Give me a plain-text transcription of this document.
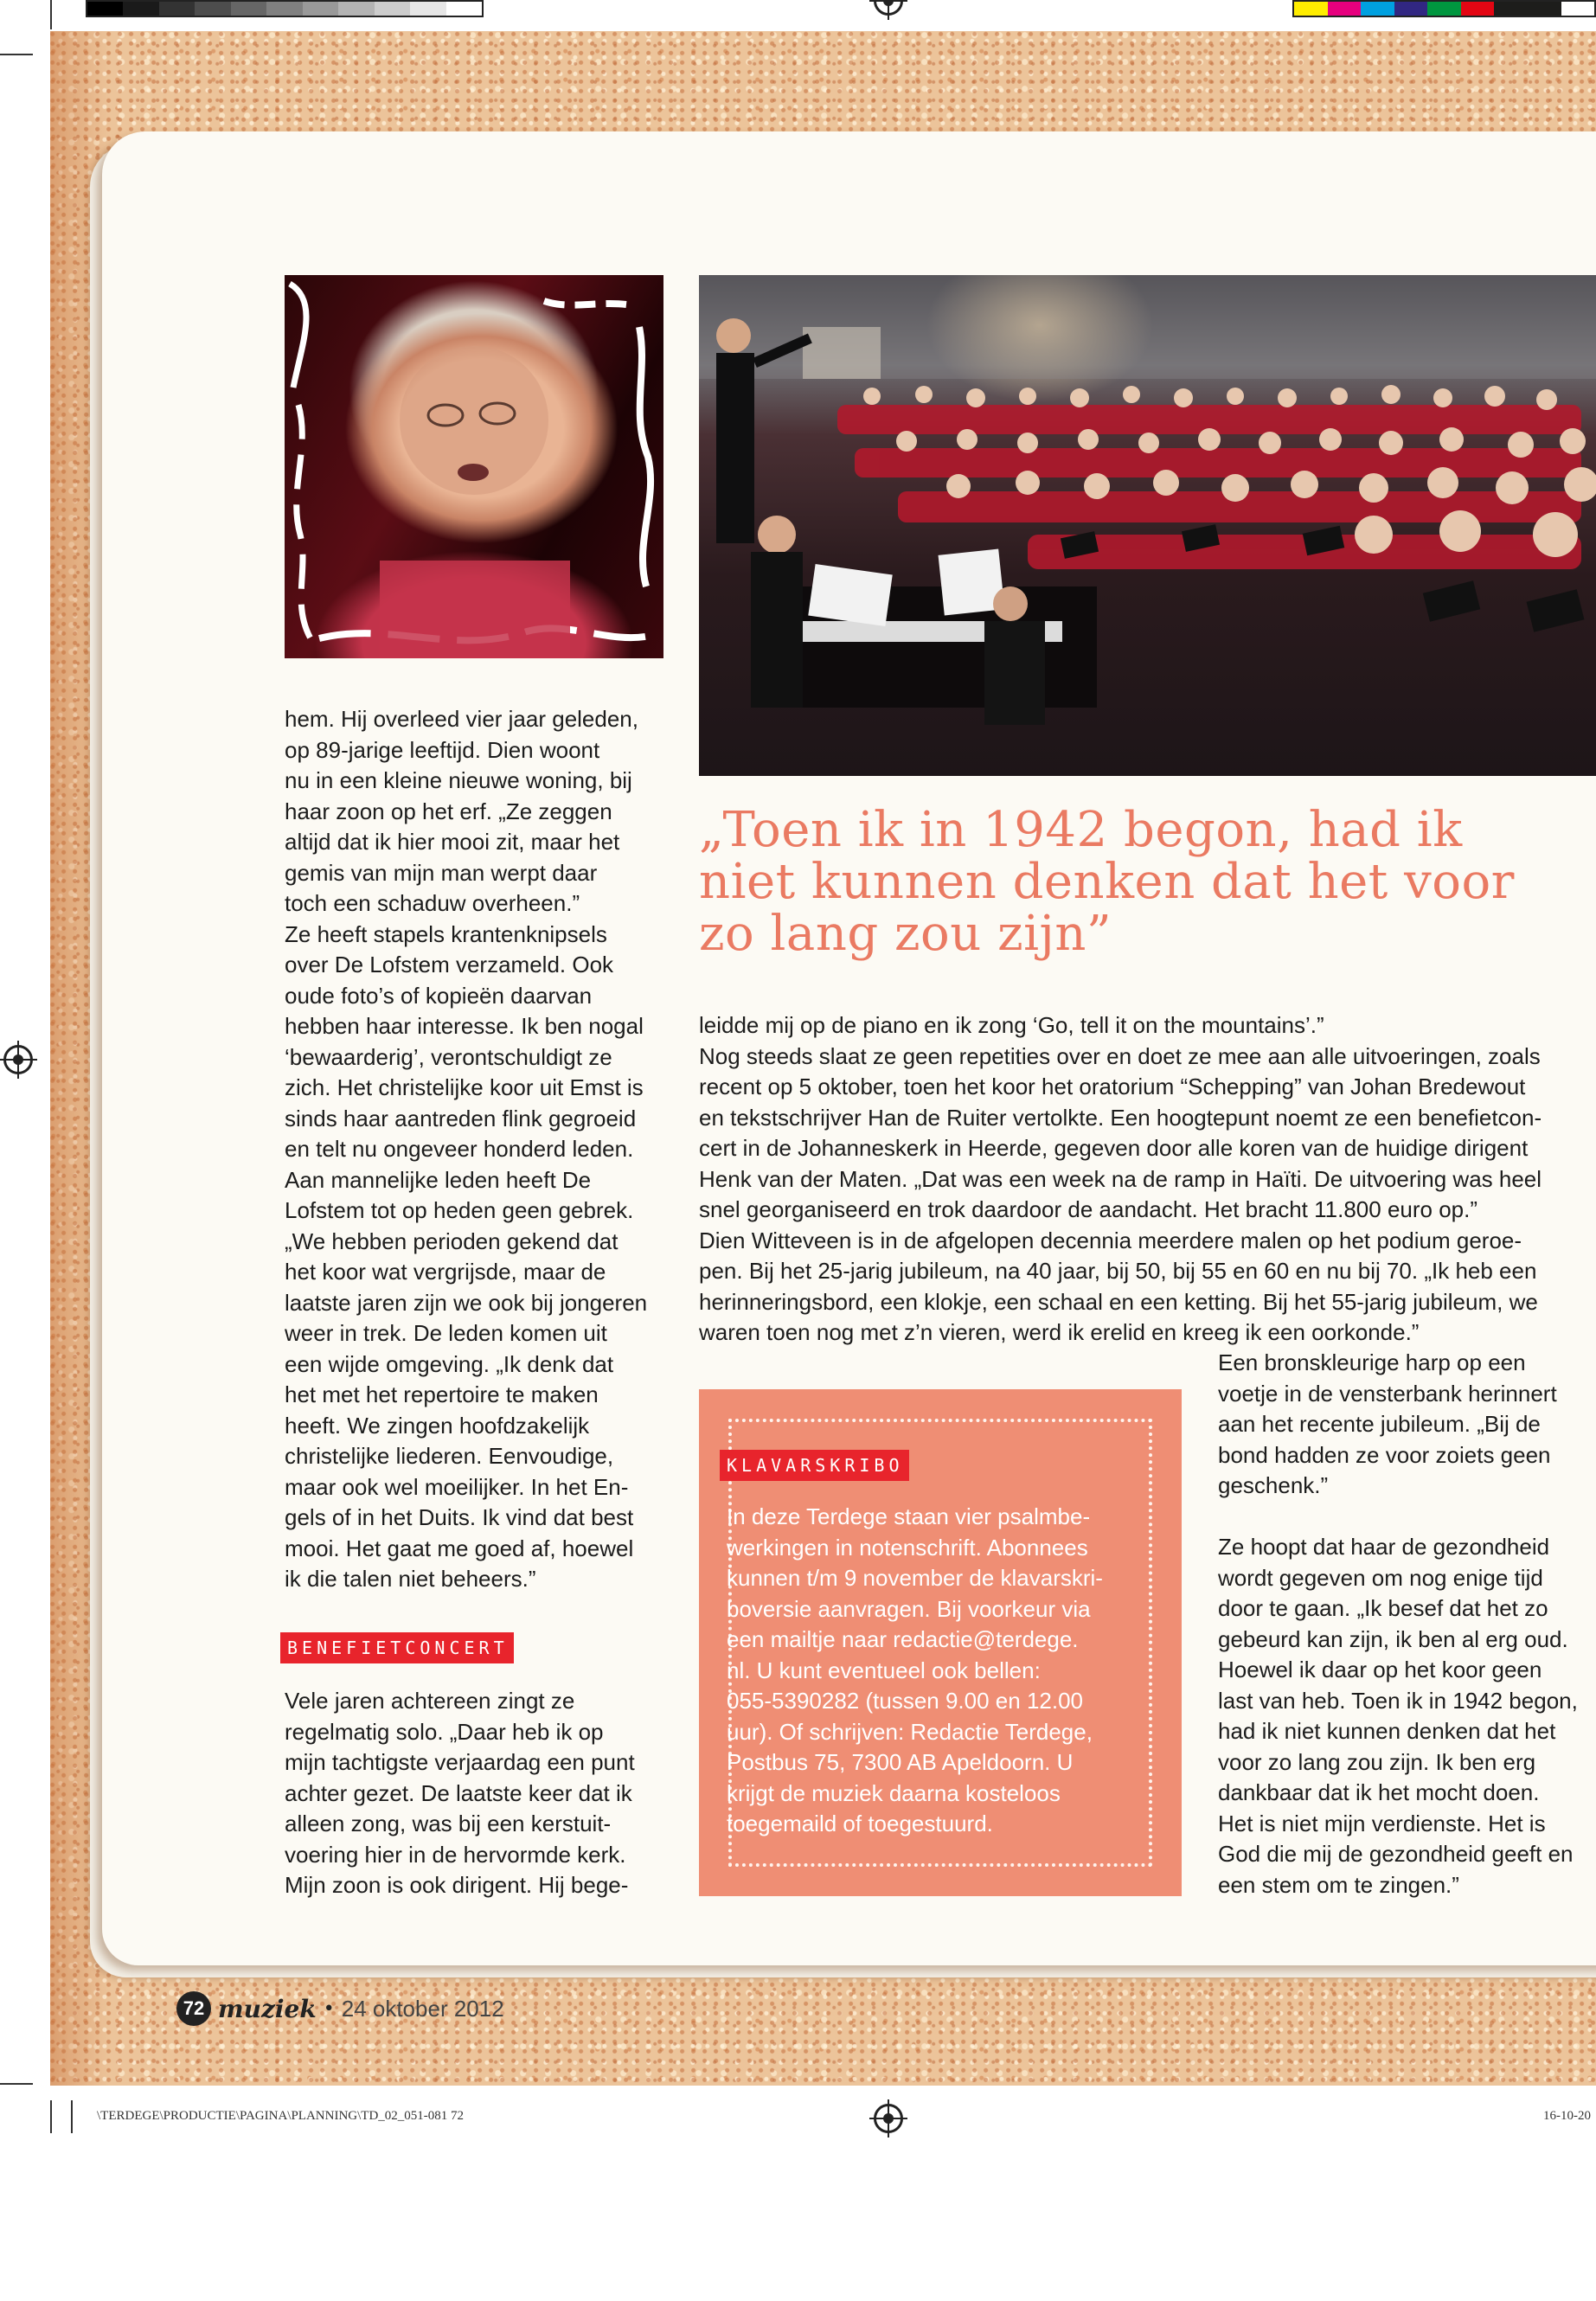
hem. Hij overleed vier jaar geleden,
op 89-jarige leeftijd. Dien woont
nu in een kleine nieuwe woning, bij
haar zoon op het erf. „Ze zeggen
altijd dat ik hier mooi zit, maar het
gemis van mijn man werpt daar
toch een schaduw overheen.”
Ze heeft stapels krantenknipsels
over De Lofstem verzameld. Ook
oude foto’s of kopieën daarvan
hebben haar interesse. Ik ben nogal
‘bewaarderig’, verontschuldigt ze
zich. Het christelijke koor uit Emst is
sinds haar aantreden flink gegroeid
en telt nu ongeveer honderd leden.
Aan mannelijke leden heeft De
Lofstem tot op heden geen gebrek.
„We hebben perioden gekend dat
het koor wat vergrijsde, maar de
laatste jaren zijn we ook bij jongeren
weer in trek. De leden komen uit
een wijde omgeving. „Ik denk dat
het met het repertoire te maken
heeft. We zingen hoofdzakelijk
christelijke liederen. Eenvoudige,
maar ook wel moeilijker. In het En-
gels of in het Duits. Ik vind dat best
mooi. Het gaat me goed af, hoewel
ik die talen niet beheers.”
BENEFIETCONCERT
Vele jaren achtereen zingt ze
regelmatig solo. „Daar heb ik op
mijn tachtigste verjaardag een punt
achter gezet. De laatste keer dat ik
alleen zong, was bij een kerstuit-
voering hier in de hervormde kerk.
Mijn zoon is ook dirigent. Hij bege-
„Toen ik in 1942 begon, had ik
niet kunnen denken dat het voor
zo lang zou zijn”
leidde mij op de piano en ik zong ‘Go, tell it on the mountains’.”
Nog steeds slaat ze geen repetities over en doet ze mee aan alle uitvoeringen, zoals
recent op 5 oktober, toen het koor het oratorium “Schepping” van Johan Bredewout
en tekstschrijver Han de Ruiter vertolkte. Een hoogtepunt noemt ze een benefietcon-
cert in de Johanneskerk in Heerde, gegeven door alle koren van de huidige dirigent
Henk van der Maten. „Dat was een week na de ramp in Haïti. De uitvoering was heel
snel georganiseerd en trok daardoor de aandacht. Het bracht 11.800 euro op.”
Dien Witteveen is in de afgelopen decennia meerdere malen op het podium geroe-
pen. Bij het 25-jarig jubileum, na 40 jaar, bij 50, bij 55 en 60 en nu bij 70. „Ik heb een
herinneringsbord, een klokje, een schaal en een ketting. Bij het 55-jarig jubileum, we
waren toen nog met z’n vieren, werd ik erelid en kreeg ik een oorkonde.”
Een bronskleurige harp op een
voetje in de vensterbank herinnert
aan het recente jubileum. „Bij de
bond hadden ze voor zoiets geen
geschenk.”

Ze hoopt dat haar de gezondheid
wordt gegeven om nog enige tijd
door te gaan. „Ik besef dat het zo
gebeurd kan zijn, ik ben al erg oud.
Hoewel ik daar op het koor geen
last van heb. Toen ik in 1942 begon,
had ik niet kunnen denken dat het
voor zo lang zou zijn. Ik ben erg
dankbaar dat ik het mocht doen.
Het is niet mijn verdienste. Het is
God die mij de gezondheid geeft en
een stem om te zingen.”
KLAVARSKRIBO
In deze Terdege staan vier psalmbe-
werkingen in notenschrift. Abonnees
kunnen t/m 9 november de klavarskri-
boversie aanvragen. Bij voorkeur via
een mailtje naar redactie@terdege.
nl. U kunt eventueel ook bellen:
055-5390282 (tussen 9.00 en 12.00
uur). Of schrijven: Redactie Terdege,
Postbus 75, 7300 AB Apeldoorn. U
krijgt de muziek daarna kosteloos
toegemaild of toegestuurd.
72 muziek • 24 oktober 2012
\TERDEGE\PRODUCTIE\PAGINA\PLANNING\TD_02_051-081 72	16-10-20
